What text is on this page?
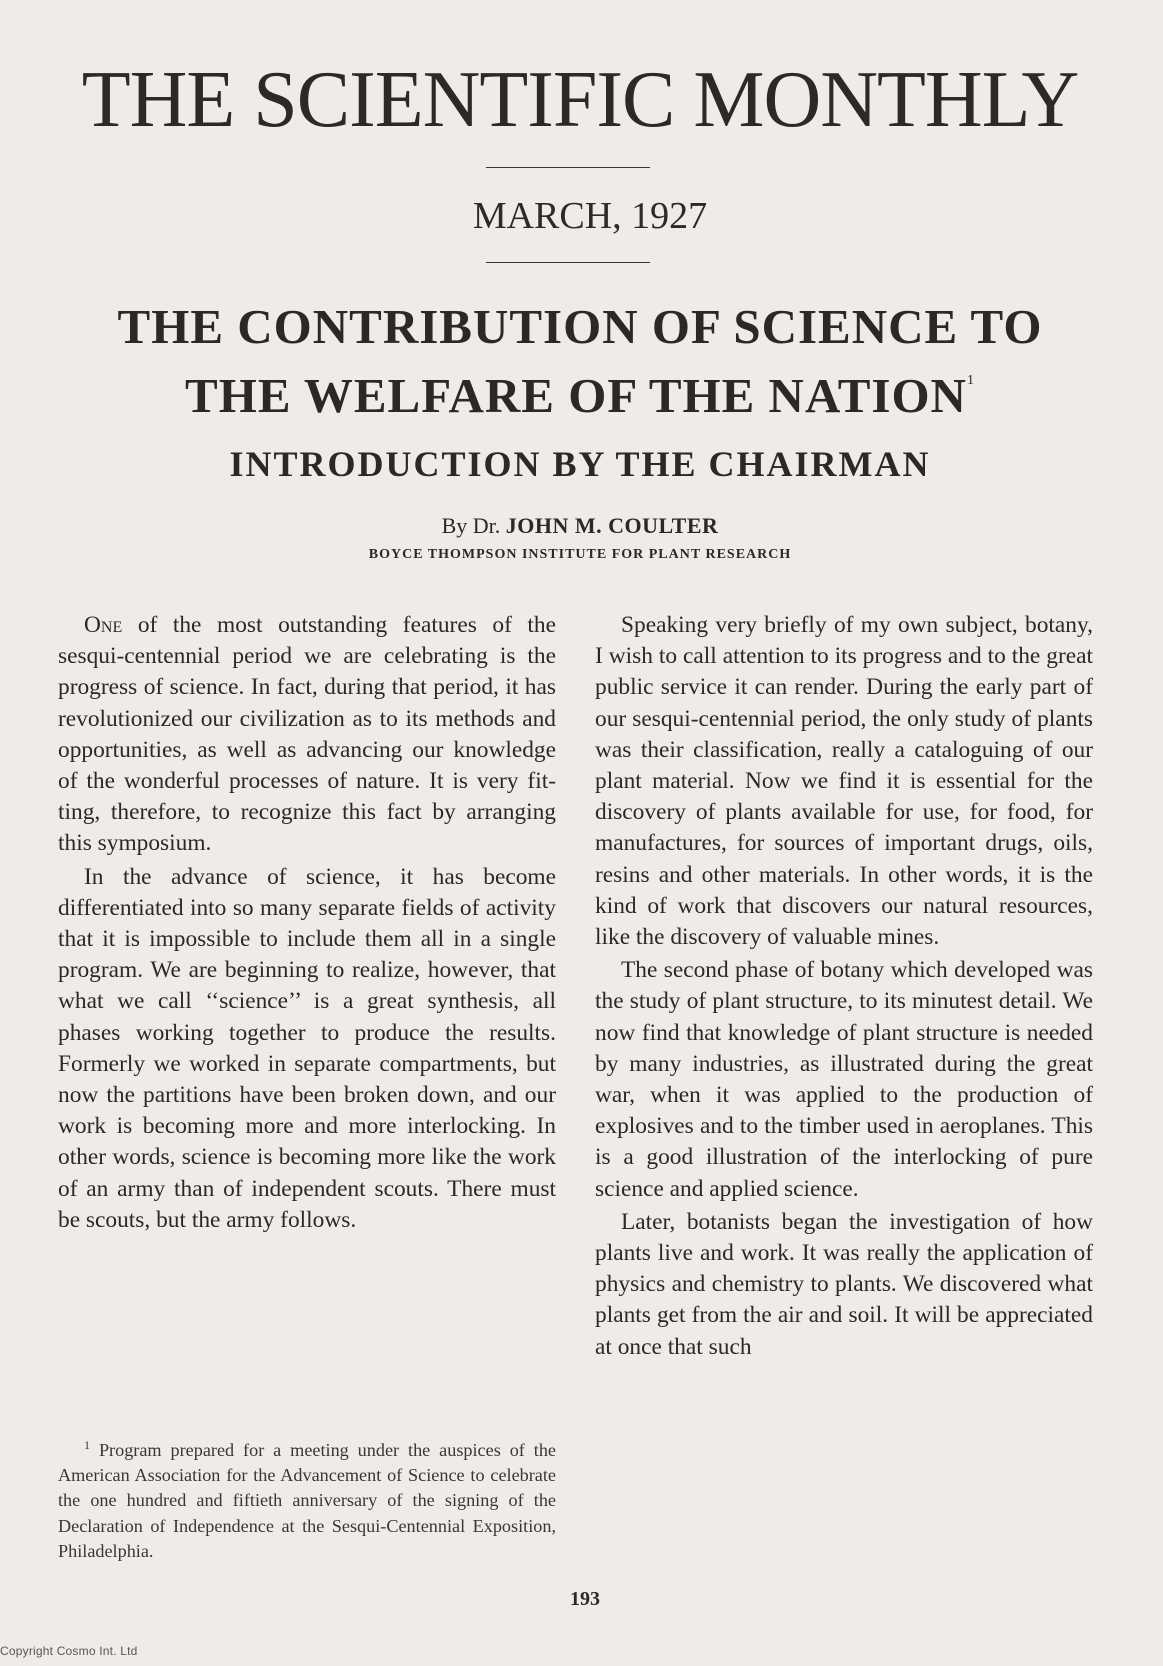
THE SCIENTIFIC MONTHLY
MARCH, 1927
THE CONTRIBUTION OF SCIENCE TO
THE WELFARE OF THE NATION$^1$
INTRODUCTION BY THE CHAIRMAN
By Dr. JOHN M. COULTER
BOYCE THOMPSON INSTITUTE FOR PLANT RESEARCH

One of the most outstanding features of the sesqui-centennial period we are celebrating is the progress of science. In fact, during that period, it has revolutionized our civilization as to its methods and opportunities, as well as advancing our knowledge of the wonderful processes of nature. It is very fitting, therefore, to recognize this fact by arranging this symposium.

In the advance of science, it has become differentiated into so many separate fields of activity that it is impossible to include them all in a single program. We are beginning to realize, however, that what we call ‘‘science’’ is a great synthesis, all phases working together to produce the results. Formerly we worked in separate compartments, but now the partitions have been broken down, and our work is becoming more and more interlocking. In other words, science is becoming more like the work of an army than of independent scouts. There must be scouts, but the army follows.

$^1$ Program prepared for a meeting under the auspices of the American Association for the Advancement of Science to celebrate the one hundred and fiftieth anniversary of the signing of the Declaration of Independence at the Sesqui-Centennial Exposition, Philadelphia.

Speaking very briefly of my own subject, botany, I wish to call attention to its progress and to the great public service it can render. During the early part of our sesqui-centennial period, the only study of plants was their classification, really a cataloguing of our plant material. Now we find it is essential for the discovery of plants available for use, for food, for manufactures, for sources of important drugs, oils, resins and other materials. In other words, it is the kind of work that discovers our natural resources, like the discovery of valuable mines.

The second phase of botany which developed was the study of plant structure, to its minutest detail. We now find that knowledge of plant structure is needed by many industries, as illustrated during the great war, when it was applied to the production of explosives and to the timber used in aeroplanes. This is a good illustration of the interlocking of pure science and applied science.

Later, botanists began the investigation of how plants live and work. It was really the application of physics and chemistry to plants. We discovered what plants get from the air and soil. It will be appreciated at once that such

193
Copyright Cosmo Int. Ltd
